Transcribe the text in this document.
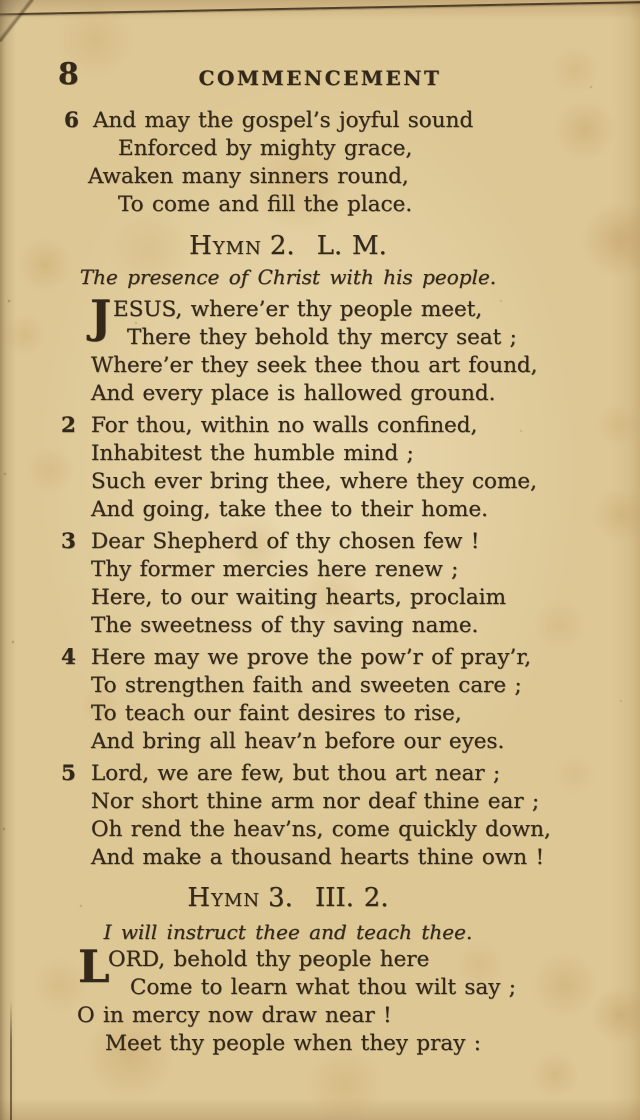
8	COMMENCEMENT
6 And may the gospel’s joyful sound
Enforced by mighty grace,
Awaken many sinners round,
To come and fill the place.
Hymn 2. L. M.
The presence of Christ with his people.
J ESUS, where’er thy people meet,
There they behold thy mercy seat ;
Where’er they seek thee thou art found,
And every place is hallowed ground.
2 For thou, within no walls confined,
Inhabitest the humble mind ;
Such ever bring thee, where they come,
And going, take thee to their home.
3 Dear Shepherd of thy chosen few !
Thy former mercies here renew ;
Here, to our waiting hearts, proclaim
The sweetness of thy saving name.
4 Here may we prove the pow’r of pray’r,
To strengthen faith and sweeten care ;
To teach our faint desires to rise,
And bring all heav’n before our eyes.
5 Lord, we are few, but thou art near ;
Nor short thine arm nor deaf thine ear ;
Oh rend the heav’ns, come quickly down,
And make a thousand hearts thine own !
Hymn 3. III. 2.
I will instruct thee and teach thee.
L
ORD, behold thy people here
Come to learn what thou wilt say ;
O in mercy now draw near !
Meet thy people when they pray :
